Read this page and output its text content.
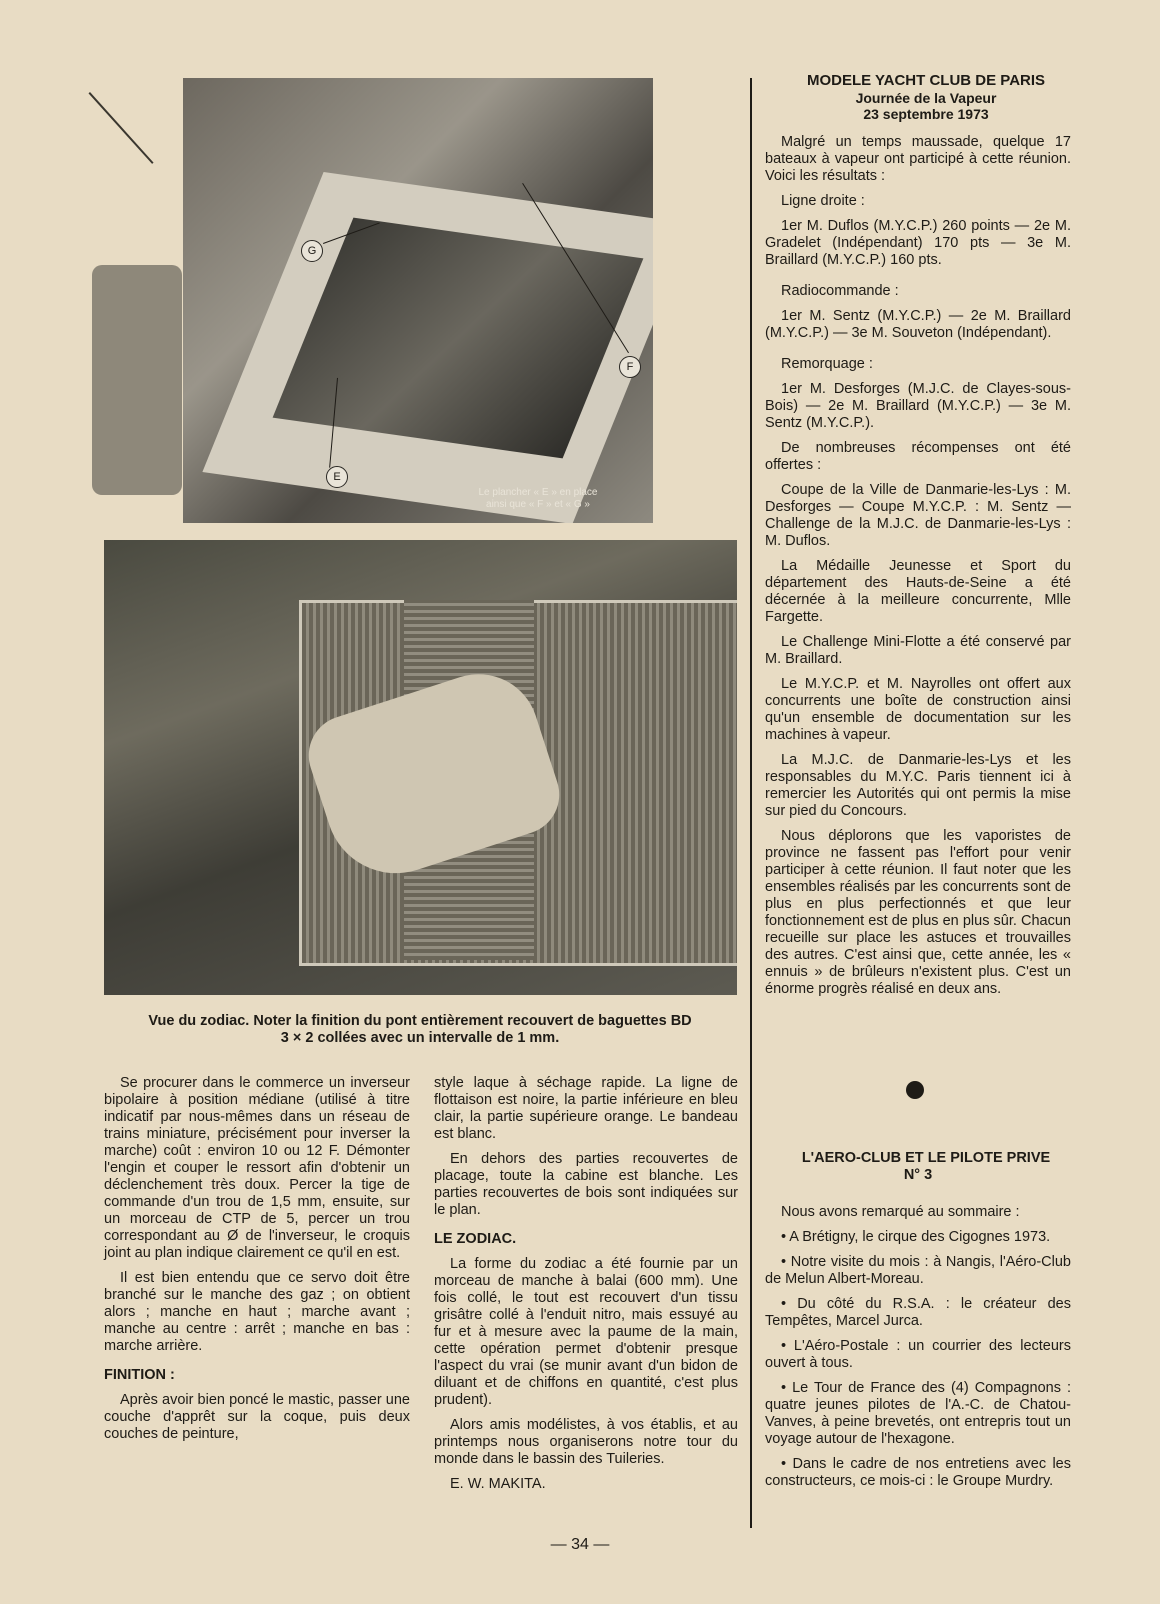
G
F
E
Le plancher « E » en place
ainsi que « F » et « G »
Vue du zodiac. Noter la finition du pont entièrement recouvert de baguettes BD
3 × 2 collées avec un intervalle de 1 mm.

Se procurer dans le commerce un inverseur bipolaire à position médiane (utilisé à titre indicatif par nous-mêmes dans un réseau de trains miniature, précisément pour inverser la marche) coût : environ 10 ou 12 F. Démonter l'engin et couper le ressort afin d'obtenir un déclenchement très doux. Percer la tige de commande d'un trou de 1,5 mm, ensuite, sur un morceau de CTP de 5, percer un trou correspondant au Ø de l'inverseur, le croquis joint au plan indique clairement ce qu'il en est.

Il est bien entendu que ce servo doit être branché sur le manche des gaz ; on obtient alors ; manche en haut ; marche avant ; manche au centre : arrêt ; manche en bas : marche arrière.

FINITION :

Après avoir bien poncé le mastic, passer une couche d'apprêt sur la coque, puis deux couches de peinture,

style laque à séchage rapide. La ligne de flottaison est noire, la partie inférieure en bleu clair, la partie supérieure orange. Le bandeau est blanc.

En dehors des parties recouvertes de placage, toute la cabine est blanche. Les parties recouvertes de bois sont indiquées sur le plan.

LE ZODIAC.

La forme du zodiac a été fournie par un morceau de manche à balai (600 mm). Une fois collé, le tout est recouvert d'un tissu grisâtre collé à l'enduit nitro, mais essuyé au fur et à mesure avec la paume de la main, cette opération permet d'obtenir presque l'aspect du vrai (se munir avant d'un bidon de diluant et de chiffons en quantité, c'est plus prudent).

Alors amis modélistes, à vos établis, et au printemps nous organiserons notre tour du monde dans le bassin des Tuileries.

E. W. MAKITA.

MODELE YACHT CLUB DE PARIS

Journée de la Vapeur

23 septembre 1973

Malgré un temps maussade, quelque 17 bateaux à vapeur ont participé à cette réunion. Voici les résultats :

Ligne droite :

1er M. Duflos (M.Y.C.P.) 260 points — 2e M. Gradelet (Indépendant) 170 pts — 3e M. Braillard (M.Y.C.P.) 160 pts.

Radiocommande :

1er M. Sentz (M.Y.C.P.) — 2e M. Braillard (M.Y.C.P.) — 3e M. Souveton (Indépendant).

Remorquage :

1er M. Desforges (M.J.C. de Clayes-sous-Bois) — 2e M. Braillard (M.Y.C.P.) — 3e M. Sentz (M.Y.C.P.).

De nombreuses récompenses ont été offertes :

Coupe de la Ville de Danmarie-les-Lys : M. Desforges — Coupe M.Y.C.P. : M. Sentz — Challenge de la M.J.C. de Danmarie-les-Lys : M. Duflos.

La Médaille Jeunesse et Sport du département des Hauts-de-Seine a été décernée à la meilleure concurrente, Mlle Fargette.

Le Challenge Mini-Flotte a été conservé par M. Braillard.

Le M.Y.C.P. et M. Nayrolles ont offert aux concurrents une boîte de construction ainsi qu'un ensemble de documentation sur les machines à vapeur.

La M.J.C. de Danmarie-les-Lys et les responsables du M.Y.C. Paris tiennent ici à remercier les Autorités qui ont permis la mise sur pied du Concours.

Nous déplorons que les vaporistes de province ne fassent pas l'effort pour venir participer à cette réunion. Il faut noter que les ensembles réalisés par les concurrents sont de plus en plus perfectionnés et que leur fonctionnement est de plus en plus sûr. Chacun recueille sur place les astuces et trouvailles des autres. C'est ainsi que, cette année, les « ennuis » de brûleurs n'existent plus. C'est un énorme progrès réalisé en deux ans.

L'AERO-CLUB ET LE PILOTE PRIVE
N° 3

Nous avons remarqué au sommaire :

• A Brétigny, le cirque des Cigognes 1973.

• Notre visite du mois : à Nangis, l'Aéro-Club de Melun Albert-Moreau.

• Du côté du R.S.A. : le créateur des Tempêtes, Marcel Jurca.

• L'Aéro-Postale : un courrier des lecteurs ouvert à tous.

• Le Tour de France des (4) Compagnons : quatre jeunes pilotes de l'A.-C. de Chatou-Vanves, à peine brevetés, ont entrepris tout un voyage autour de l'hexagone.

• Dans le cadre de nos entretiens avec les constructeurs, ce mois-ci : le Groupe Murdry.

— 34 —
